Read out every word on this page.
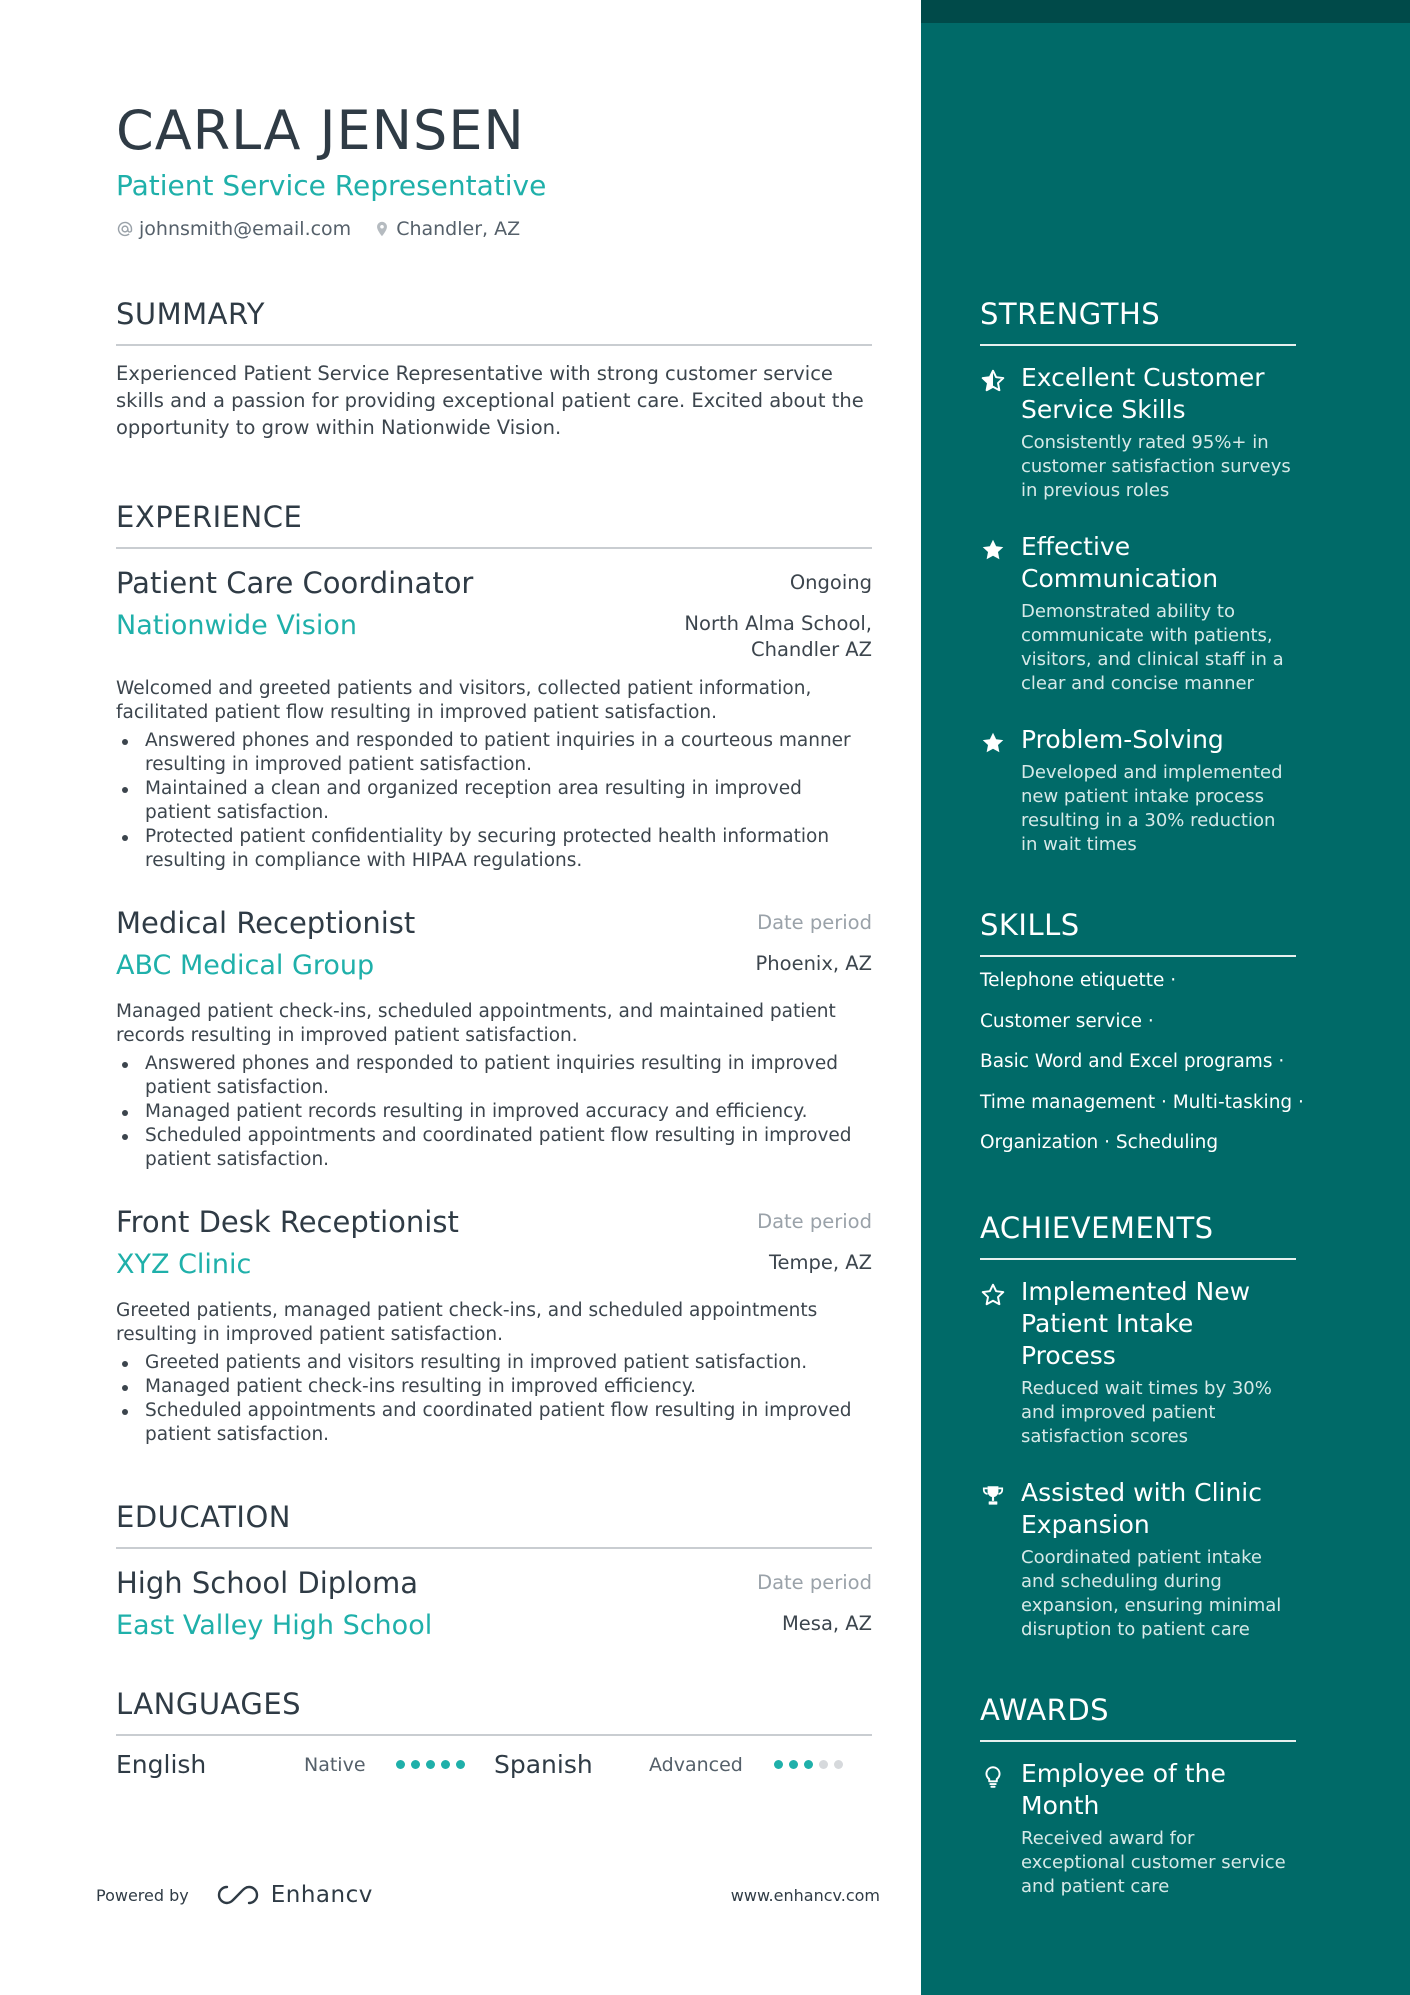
CARLA JENSEN
Patient Service Representative
johnsmith@email.com Chandler, AZ
SUMMARY

Experienced Patient Service Representative with strong customer service skills and a passion for providing exceptional patient care. Excited about the opportunity to grow within Nationwide Vision.

EXPERIENCE
Patient Care Coordinator	Ongoing
Nationwide Vision	North Alma School,
Chandler AZ

Welcomed and greeted patients and visitors, collected patient information, facilitated patient flow resulting in improved patient satisfaction.

Answered phones and responded to patient inquiries in a courteous manner resulting in improved patient satisfaction.
Maintained a clean and organized reception area resulting in improved patient satisfaction.
Protected patient confidentiality by securing protected health information resulting in compliance with HIPAA regulations.
Medical Receptionist	Date period
ABC Medical Group	Phoenix, AZ

Managed patient check-ins, scheduled appointments, and maintained patient records resulting in improved patient satisfaction.

Answered phones and responded to patient inquiries resulting in improved patient satisfaction.
Managed patient records resulting in improved accuracy and efficiency.
Scheduled appointments and coordinated patient flow resulting in improved patient satisfaction.
Front Desk Receptionist	Date period
XYZ Clinic	Tempe, AZ

Greeted patients, managed patient check-ins, and scheduled appointments resulting in improved patient satisfaction.

Greeted patients and visitors resulting in improved patient satisfaction.
Managed patient check-ins resulting in improved efficiency.
Scheduled appointments and coordinated patient flow resulting in improved patient satisfaction.
EDUCATION
High School Diploma	Date period
East Valley High School	Mesa, AZ
LANGUAGES
English	Native	Spanish	Advanced
Powered by	Enhancv	www.enhancv.com
STRENGTHS
Excellent Customer Service Skills
Consistently rated 95%+ in customer satisfaction surveys in previous roles
Effective Communication
Demonstrated ability to communicate with patients, visitors, and clinical staff in a clear and concise manner
Problem-Solving
Developed and implemented new patient intake process resulting in a 30% reduction in wait times
SKILLS
Telephone etiquette ·
Customer service ·
Basic Word and Excel programs ·
Time management · Multi-tasking ·
Organization · Scheduling
ACHIEVEMENTS
Implemented New Patient Intake Process
Reduced wait times by 30% and improved patient satisfaction scores
Assisted with Clinic Expansion
Coordinated patient intake and scheduling during expansion, ensuring minimal disruption to patient care
AWARDS
Employee of the Month
Received award for exceptional customer service and patient care
